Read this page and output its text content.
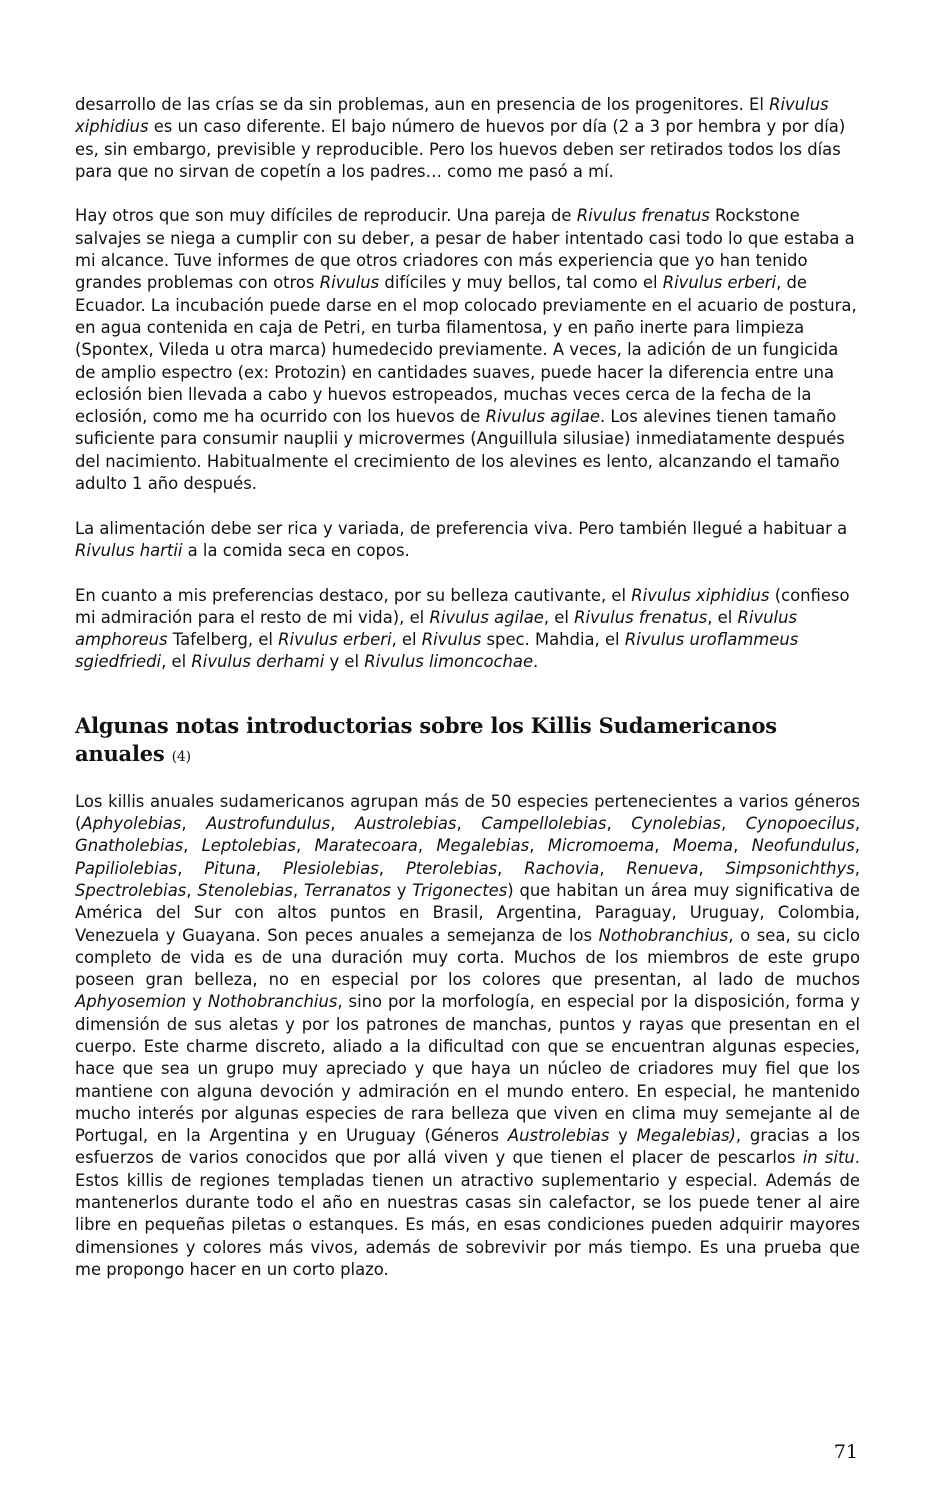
desarrollo de las crías se da sin problemas, aun en presencia de los progenitores. El Rivulus xiphidius es un caso diferente. El bajo número de huevos por día (2 a 3 por hembra y por día) es, sin embargo, previsible y reproducible. Pero los huevos deben ser retirados todos los días para que no sirvan de copetín a los padres… como me pasó a mí.

Hay otros que son muy difíciles de reproducir. Una pareja de Rivulus frenatus Rockstone salvajes se niega a cumplir con su deber, a pesar de haber intentado casi todo lo que estaba a mi alcance. Tuve informes de que otros criadores con más experiencia que yo han tenido grandes problemas con otros Rivulus difíciles y muy bellos, tal como el Rivulus erberi, de Ecuador. La incubación puede darse en el mop colocado previamente en el acuario de postura, en agua contenida en caja de Petri, en turba filamentosa, y en paño inerte para limpieza (Spontex, Vileda u otra marca) humedecido previamente. A veces, la adición de un fungicida de amplio espectro (ex: Protozin) en cantidades suaves, puede hacer la diferencia entre una eclosión bien llevada a cabo y huevos estropeados, muchas veces cerca de la fecha de la eclosión, como me ha ocurrido con los huevos de Rivulus agilae. Los alevines tienen tamaño suficiente para consumir nauplii y microvermes (Anguillula silusiae) inmediatamente después del nacimiento. Habitualmente el crecimiento de los alevines es lento, alcanzando el tamaño adulto 1 año después.

La alimentación debe ser rica y variada, de preferencia viva. Pero también llegué a habituar a Rivulus hartii a la comida seca en copos.

En cuanto a mis preferencias destaco, por su belleza cautivante, el Rivulus xiphidius (confieso mi admiración para el resto de mi vida), el Rivulus agilae, el Rivulus frenatus, el Rivulus amphoreus Tafelberg, el Rivulus erberi, el Rivulus spec. Mahdia, el Rivulus uroflammeus sgiedfriedi, el Rivulus derhami y el Rivulus limoncochae.

Algunas notas introductorias sobre los Killis Sudamericanos anuales (4)

Los killis anuales sudamericanos agrupan más de 50 especies pertenecientes a varios géneros (Aphyolebias, Austrofundulus, Austrolebias, Campellolebias, Cynolebias, Cynopoecilus, Gnatholebias, Leptolebias, Maratecoara, Megalebias, Micromoema, Moema, Neofundulus, Papiliolebias, Pituna, Plesiolebias, Pterolebias, Rachovia, Renueva, Simpsonichthys, Spectrolebias, Stenolebias, Terranatos y Trigonectes) que habitan un área muy significativa de América del Sur con altos puntos en Brasil, Argentina, Paraguay, Uruguay, Colombia, Venezuela y Guayana. Son peces anuales a semejanza de los Nothobranchius, o sea, su ciclo completo de vida es de una duración muy corta. Muchos de los miembros de este grupo poseen gran belleza, no en especial por los colores que presentan, al lado de muchos Aphyosemion y Nothobranchius, sino por la morfología, en especial por la disposición, forma y dimensión de sus aletas y por los patrones de manchas, puntos y rayas que presentan en el cuerpo. Este charme discreto, aliado a la dificultad con que se encuentran algunas especies, hace que sea un grupo muy apreciado y que haya un núcleo de criadores muy fiel que los mantiene con alguna devoción y admiración en el mundo entero. En especial, he mantenido mucho interés por algunas especies de rara belleza que viven en clima muy semejante al de Portugal, en la Argentina y en Uruguay (Géneros Austrolebias y Megalebias), gracias a los esfuerzos de varios conocidos que por allá viven y que tienen el placer de pescarlos in situ. Estos killis de regiones templadas tienen un atractivo suplementario y especial. Además de mantenerlos durante todo el año en nuestras casas sin calefactor, se los puede tener al aire libre en pequeñas piletas o estanques. Es más, en esas condiciones pueden adquirir mayores dimensiones y colores más vivos, además de sobrevivir por más tiempo. Es una prueba que me propongo hacer en un corto plazo.

71
